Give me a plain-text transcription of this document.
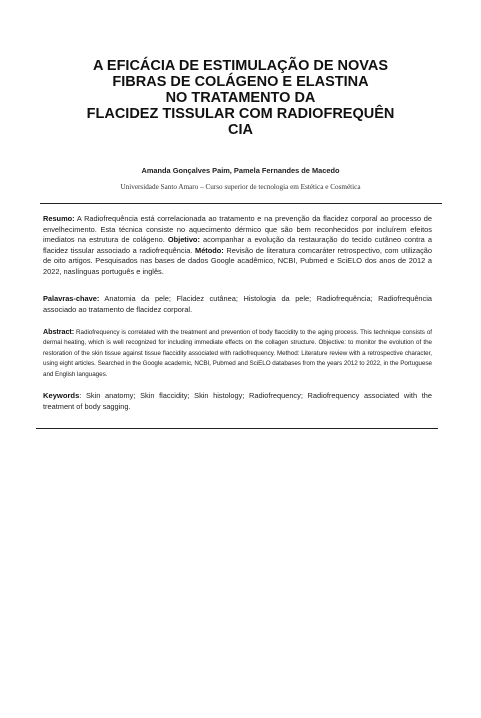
A EFICÁCIA DE ESTIMULAÇÃO DE NOVAS
FIBRAS DE COLÁGENO E ELASTINA
NO TRATAMENTO DA
FLACIDEZ TISSULAR COM RADIOFREQUÊN
CIA
Amanda Gonçalves Paim, Pamela Fernandes de Macedo
Universidade Santo Amaro – Curso superior de tecnologia em Estética e Cosmética
Resumo: A Radiofrequência está correlacionada ao tratamento e na prevenção da flacidez corporal ao processo de envelhecimento. Esta técnica consiste no aquecimento dérmico que são bem reconhecidos por incluírem efeitos imediatos na estrutura de colágeno. Objetivo: acompanhar a evolução da restauração do tecido cutâneo contra a flacidez tissular associado a radiofrequência. Método: Revisão de literatura comcaráter retrospectivo, com utilização de oito artigos. Pesquisados nas bases de dados Google acadêmico, NCBI, Pubmed e SciELO dos anos de 2012 a 2022, naslínguas português e inglês.
Palavras-chave: Anatomia da pele; Flacidez cutânea; Histologia da pele; Radiofrequência; Radiofrequência associado ao tratamento de flacidez corporal.
Abstract: Radiofrequency is correlated with the treatment and prevention of body flaccidity to the aging process. This technique consists of dermal heating, which is well recognized for including immediate effects on the collagen structure. Objective: to monitor the evolution of the restoration of the skin tissue against tissue flaccidity associated with radiofrequency. Method: Literature review with a retrospective character, using eight articles. Searched in the Google academic, NCBI, Pubmed and SciELO databases from the years 2012 to 2022, in the Portuguese and English languages.
Keywords: Skin anatomy; Skin flaccidity; Skin histology; Radiofrequency; Radiofrequency associated with the treatment of body sagging.
